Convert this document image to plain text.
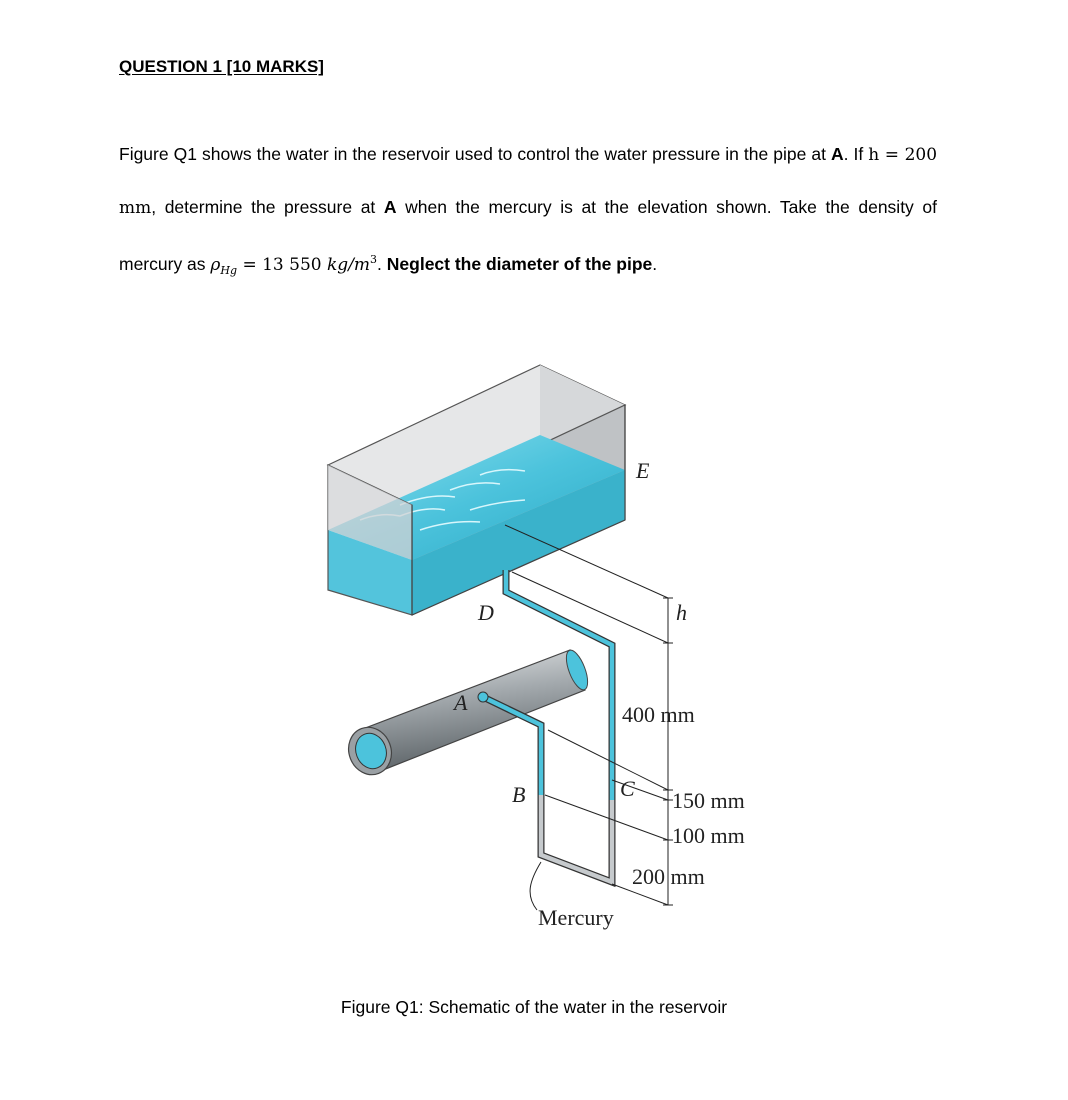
QUESTION 1 [10 MARKS]

Figure Q1 shows the water in the reservoir used to control the water pressure in the pipe at A. If h = 200 mm, determine the pressure at A when the mercury is at the elevation shown. Take the density of mercury as $\rho_{Hg} = 13$ 550 $kg/m^3$. Neglect the diameter of the pipe.

E
D
A
B	C
h
400 mm
150 mm
100 mm
200 mm
Mercury

Figure Q1: Schematic of the water in the reservoir
